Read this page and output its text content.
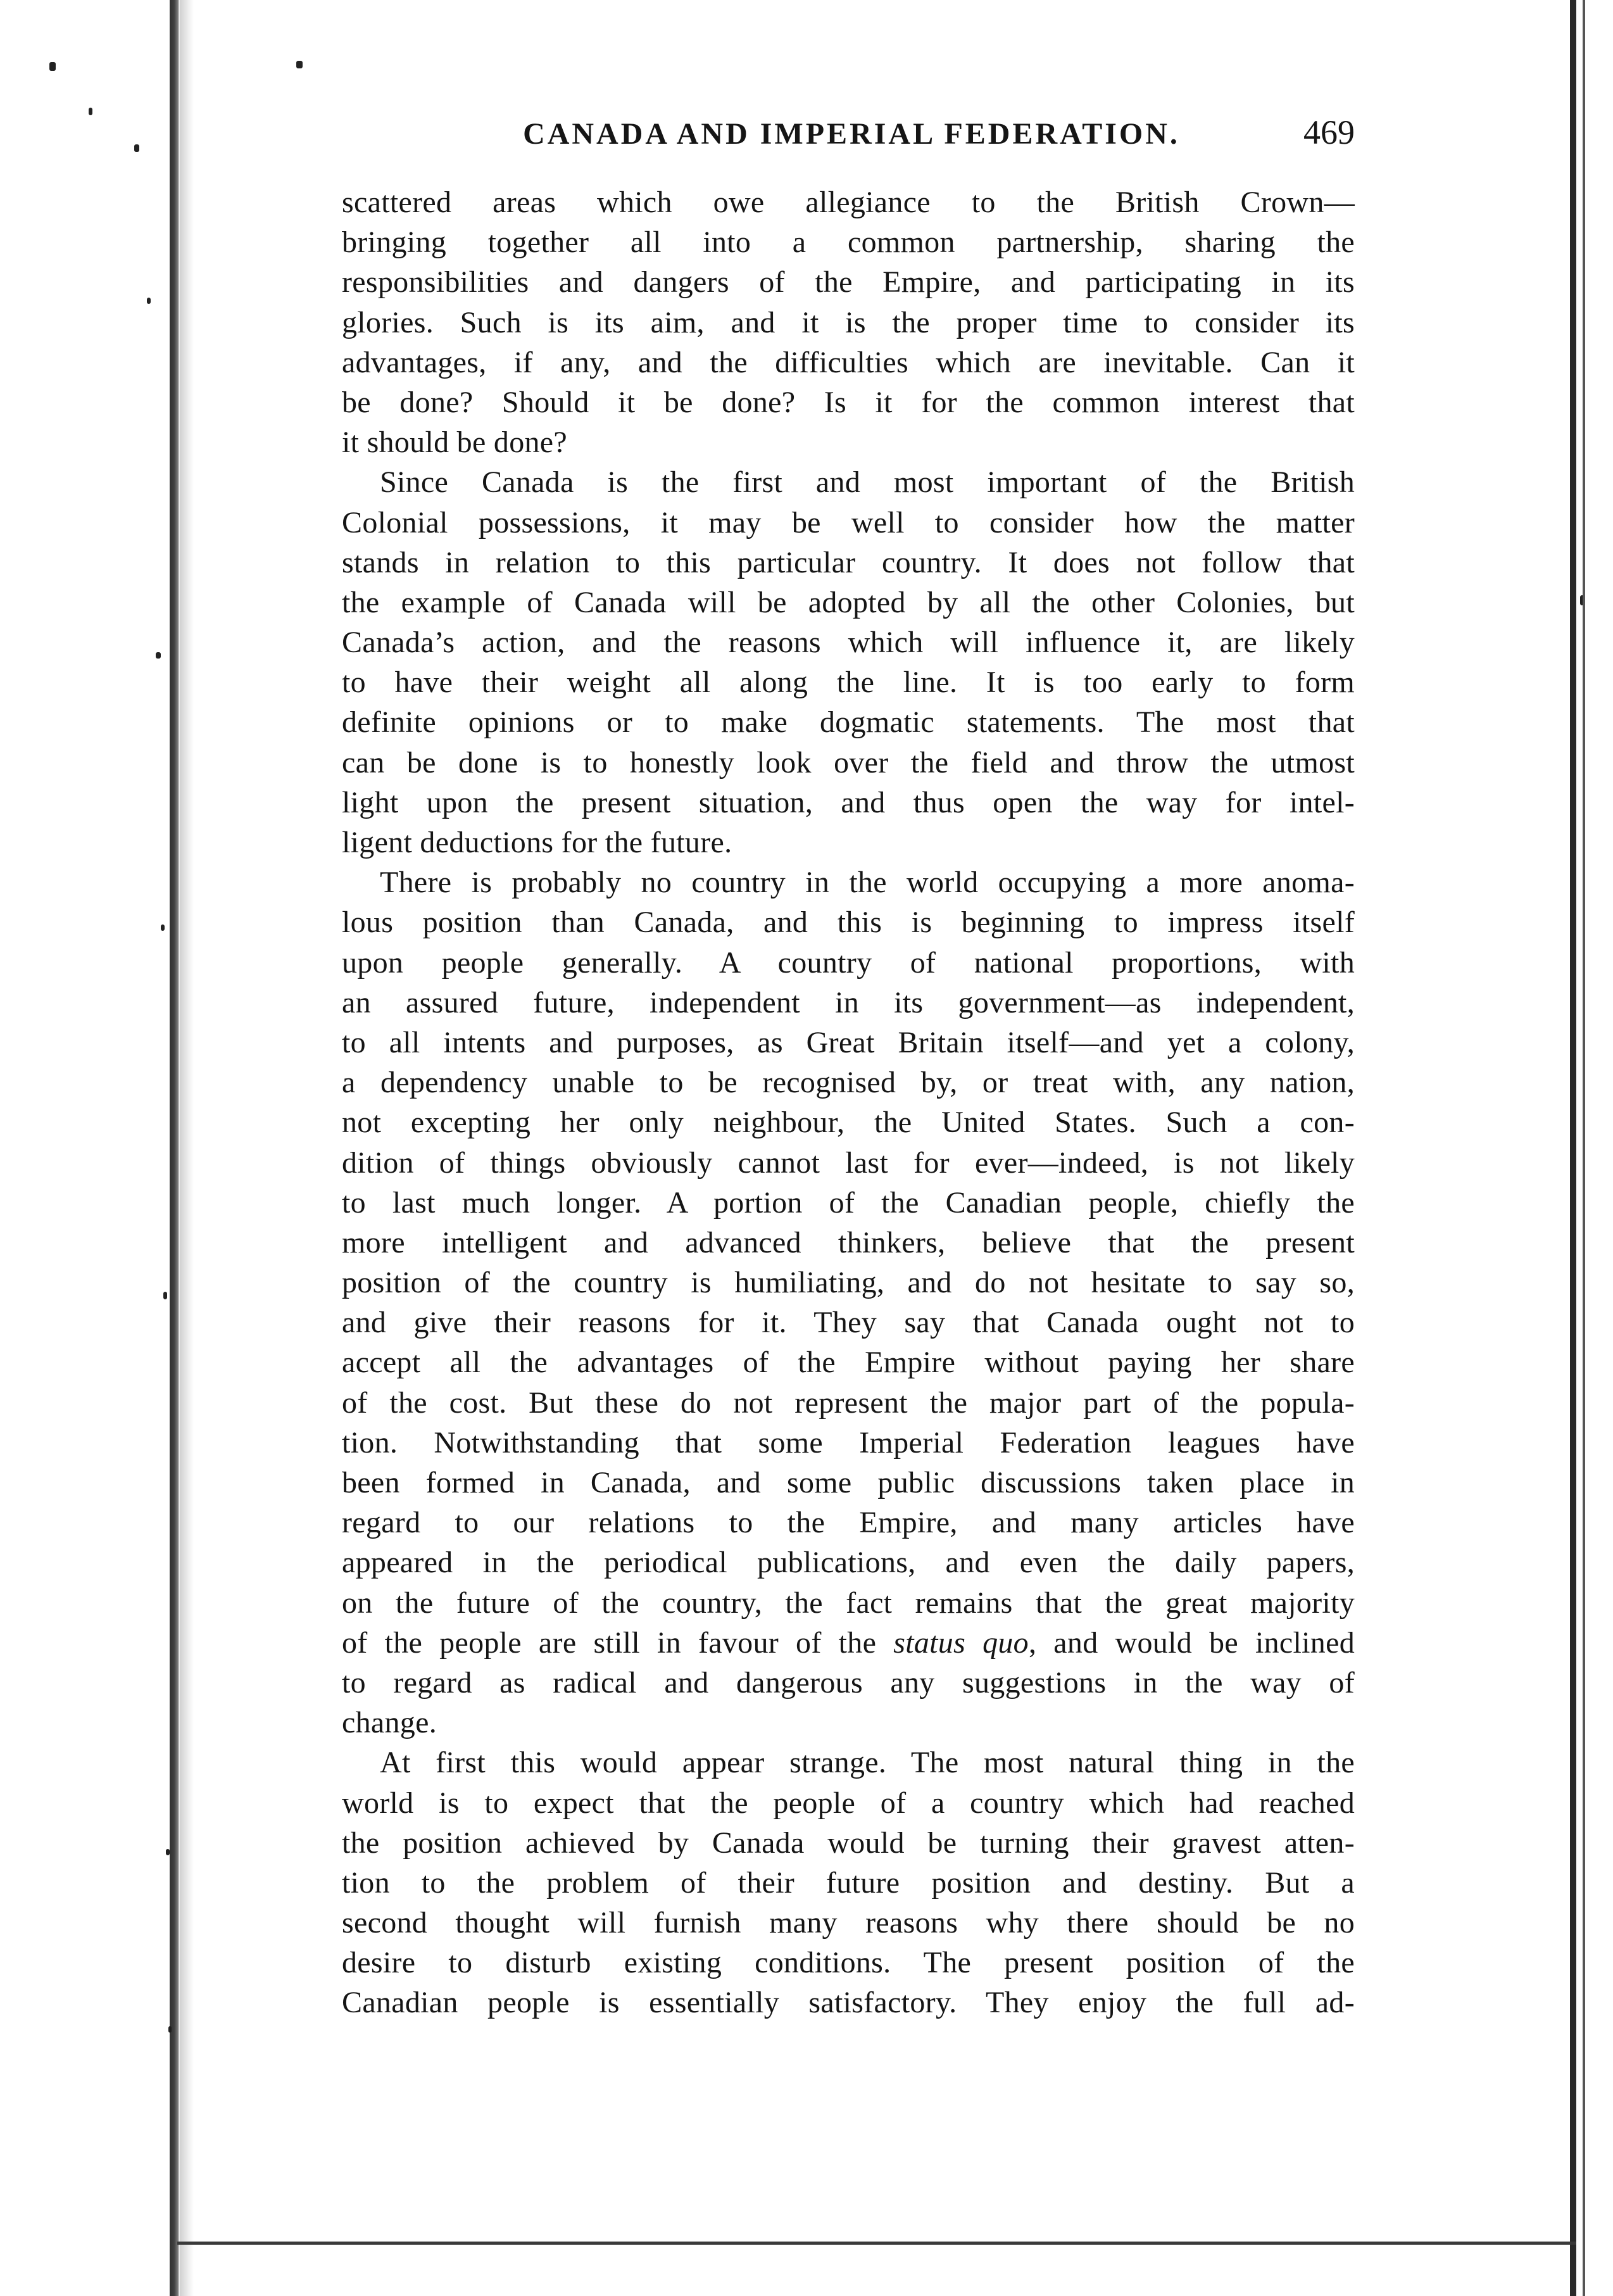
CANADA AND IMPERIAL FEDERATION.	469
scattered areas which owe allegiance to the British Crown—
bringing together all into a common partnership, sharing the
responsibilities and dangers of the Empire, and participating in its
glories. Such is its aim, and it is the proper time to consider its
advantages, if any, and the difficulties which are inevitable. Can it
be done? Should it be done? Is it for the common interest that
it should be done?
Since Canada is the first and most important of the British
Colonial possessions, it may be well to consider how the matter
stands in relation to this particular country. It does not follow that
the example of Canada will be adopted by all the other Colonies, but
Canada’s action, and the reasons which will influence it, are likely
to have their weight all along the line. It is too early to form
definite opinions or to make dogmatic statements. The most that
can be done is to honestly look over the field and throw the utmost
light upon the present situation, and thus open the way for intel-
ligent deductions for the future.
There is probably no country in the world occupying a more anoma-
lous position than Canada, and this is beginning to impress itself
upon people generally. A country of national proportions, with
an assured future, independent in its government—as independent,
to all intents and purposes, as Great Britain itself—and yet a colony,
a dependency unable to be recognised by, or treat with, any nation,
not excepting her only neighbour, the United States. Such a con-
dition of things obviously cannot last for ever—indeed, is not likely
to last much longer. A portion of the Canadian people, chiefly the
more intelligent and advanced thinkers, believe that the present
position of the country is humiliating, and do not hesitate to say so,
and give their reasons for it. They say that Canada ought not to
accept all the advantages of the Empire without paying her share
of the cost. But these do not represent the major part of the popula-
tion. Notwithstanding that some Imperial Federation leagues have
been formed in Canada, and some public discussions taken place in
regard to our relations to the Empire, and many articles have
appeared in the periodical publications, and even the daily papers,
on the future of the country, the fact remains that the great majority
of the people are still in favour of the status quo, and would be inclined
to regard as radical and dangerous any suggestions in the way of
change.
At first this would appear strange. The most natural thing in the
world is to expect that the people of a country which had reached
the position achieved by Canada would be turning their gravest atten-
tion to the problem of their future position and destiny. But a
second thought will furnish many reasons why there should be no
desire to disturb existing conditions. The present position of the
Canadian people is essentially satisfactory. They enjoy the full ad-
